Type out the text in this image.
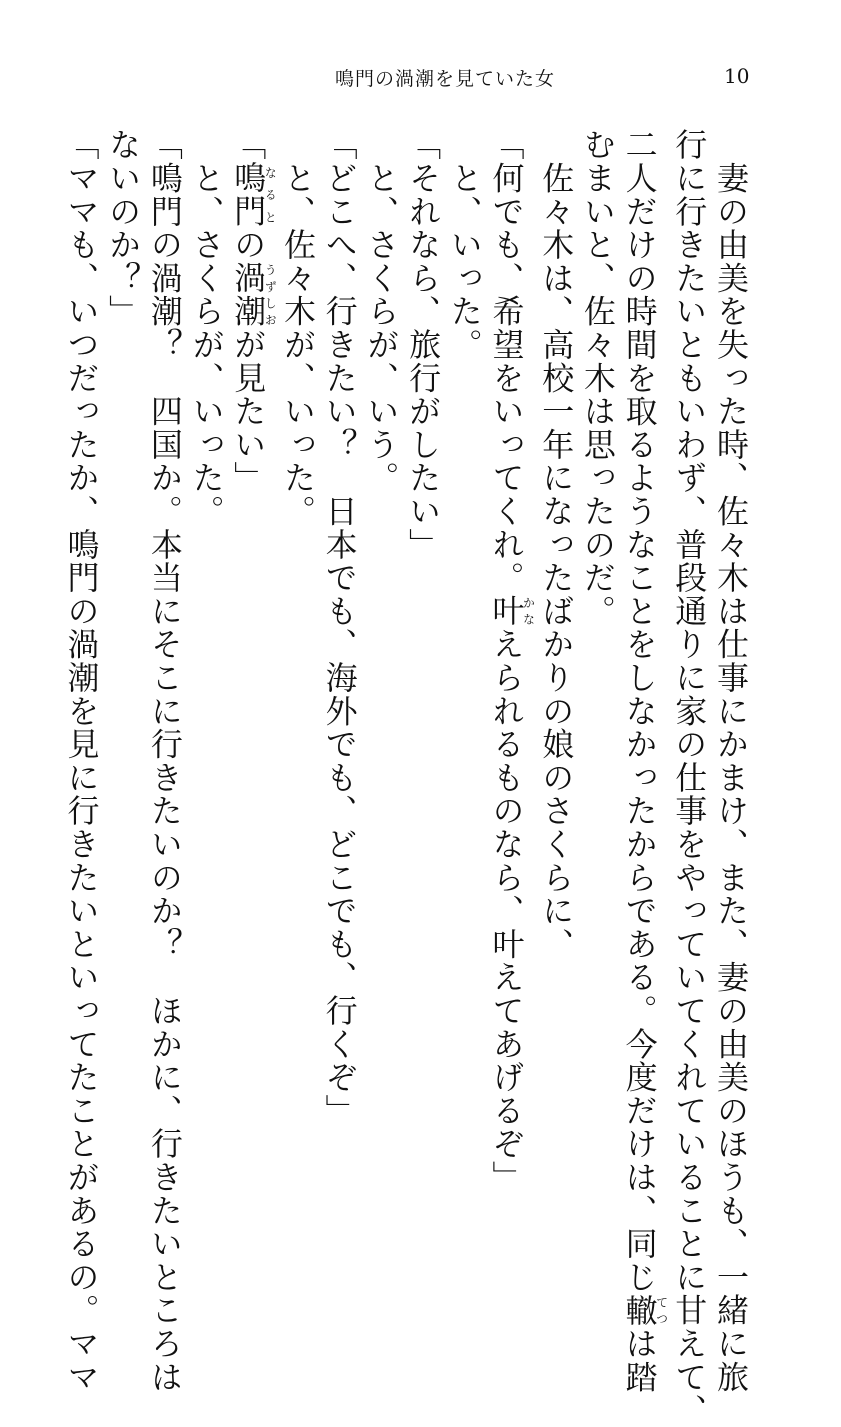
鳴門の渦潮を見ていた女	10

　妻の由美を失った時、佐々木は仕事にかまけ、また、妻の由美のほうも、一緒に旅

行に行きたいともいわず、普段通りに家の仕事をやっていてくれていることに甘えて、

二人だけの時間を取るようなことをしなかったからである。今度だけは、同じ轍てつは踏

むまいと、佐々木は思ったのだ。

　佐々木は、高校一年になったばかりの娘のさくらに、

「何でも、希望をいってくれ。叶かなえられるものなら、叶えてあげるぞ」

　と、いった。

「それなら、旅行がしたい」

　と、さくらが、いう。

「どこへ、行きたい？　日本でも、海外でも、どこでも、行くぞ」

　と、佐々木が、いった。

「鳴門なるとの渦潮うずしおが見たい」

　と、さくらが、いった。

「鳴門の渦潮？　四国か。本当にそこに行きたいのか？　ほかに、行きたいところは

ないのか？」

「ママも、いつだったか、鳴門の渦潮を見に行きたいといってたことがあるの。ママ
